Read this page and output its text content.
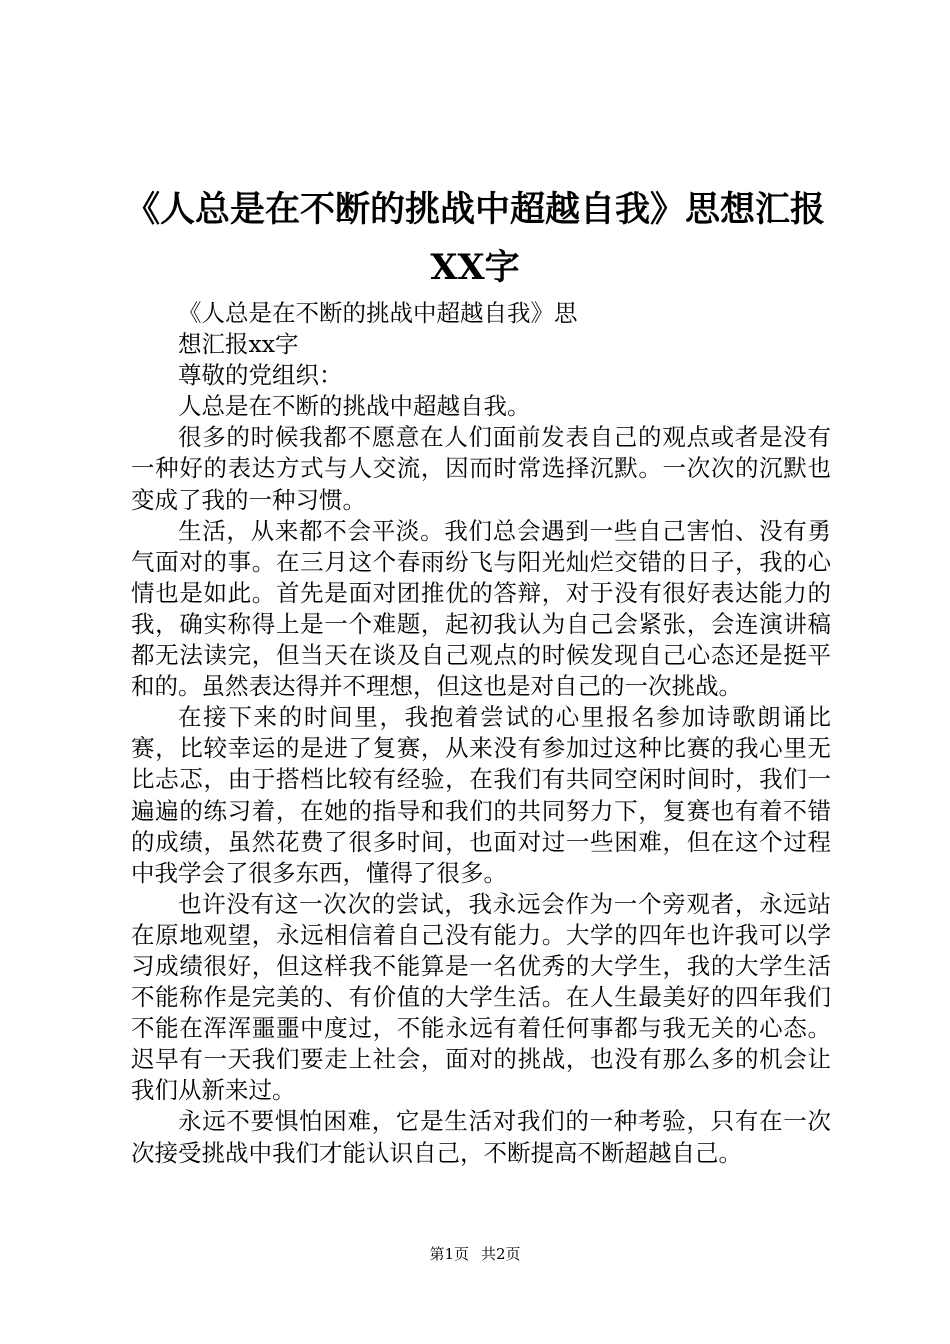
《人总是在不断的挑战中超越自我》思想汇报
XX字

《人总是在不断的挑战中超越自我》思

想汇报xx字

尊敬的党组织：

人总是在不断的挑战中超越自我。

很多的时候我都不愿意在人们面前发表自己的观点或者是没有一种好的表达方式与人交流，因而时常选择沉默。一次次的沉默也变成了我的一种习惯。

生活，从来都不会平淡。我们总会遇到一些自己害怕、没有勇气面对的事。在三月这个春雨纷飞与阳光灿烂交错的日子，我的心情也是如此。首先是面对团推优的答辩，对于没有很好表达能力的我，确实称得上是一个难题，起初我认为自己会紧张，会连演讲稿都无法读完，但当天在谈及自己观点的时候发现自己心态还是挺平和的。虽然表达得并不理想，但这也是对自己的一次挑战。

在接下来的时间里，我抱着尝试的心里报名参加诗歌朗诵比赛，比较幸运的是进了复赛，从来没有参加过这种比赛的我心里无比忐忑，由于搭档比较有经验，在我们有共同空闲时间时，我们一遍遍的练习着，在她的指导和我们的共同努力下，复赛也有着不错的成绩，虽然花费了很多时间，也面对过一些困难，但在这个过程中我学会了很多东西，懂得了很多。

也许没有这一次次的尝试，我永远会作为一个旁观者，永远站在原地观望，永远相信着自己没有能力。大学的四年也许我可以学习成绩很好，但这样我不能算是一名优秀的大学生，我的大学生活不能称作是完美的、有价值的大学生活。在人生最美好的四年我们不能在浑浑噩噩中度过，不能永远有着任何事都与我无关的心态。迟早有一天我们要走上社会，面对的挑战，也没有那么多的机会让我们从新来过。

永远不要惧怕困难，它是生活对我们的一种考验，只有在一次次接受挑战中我们才能认识自己，不断提高不断超越自己。

第1页 共2页
